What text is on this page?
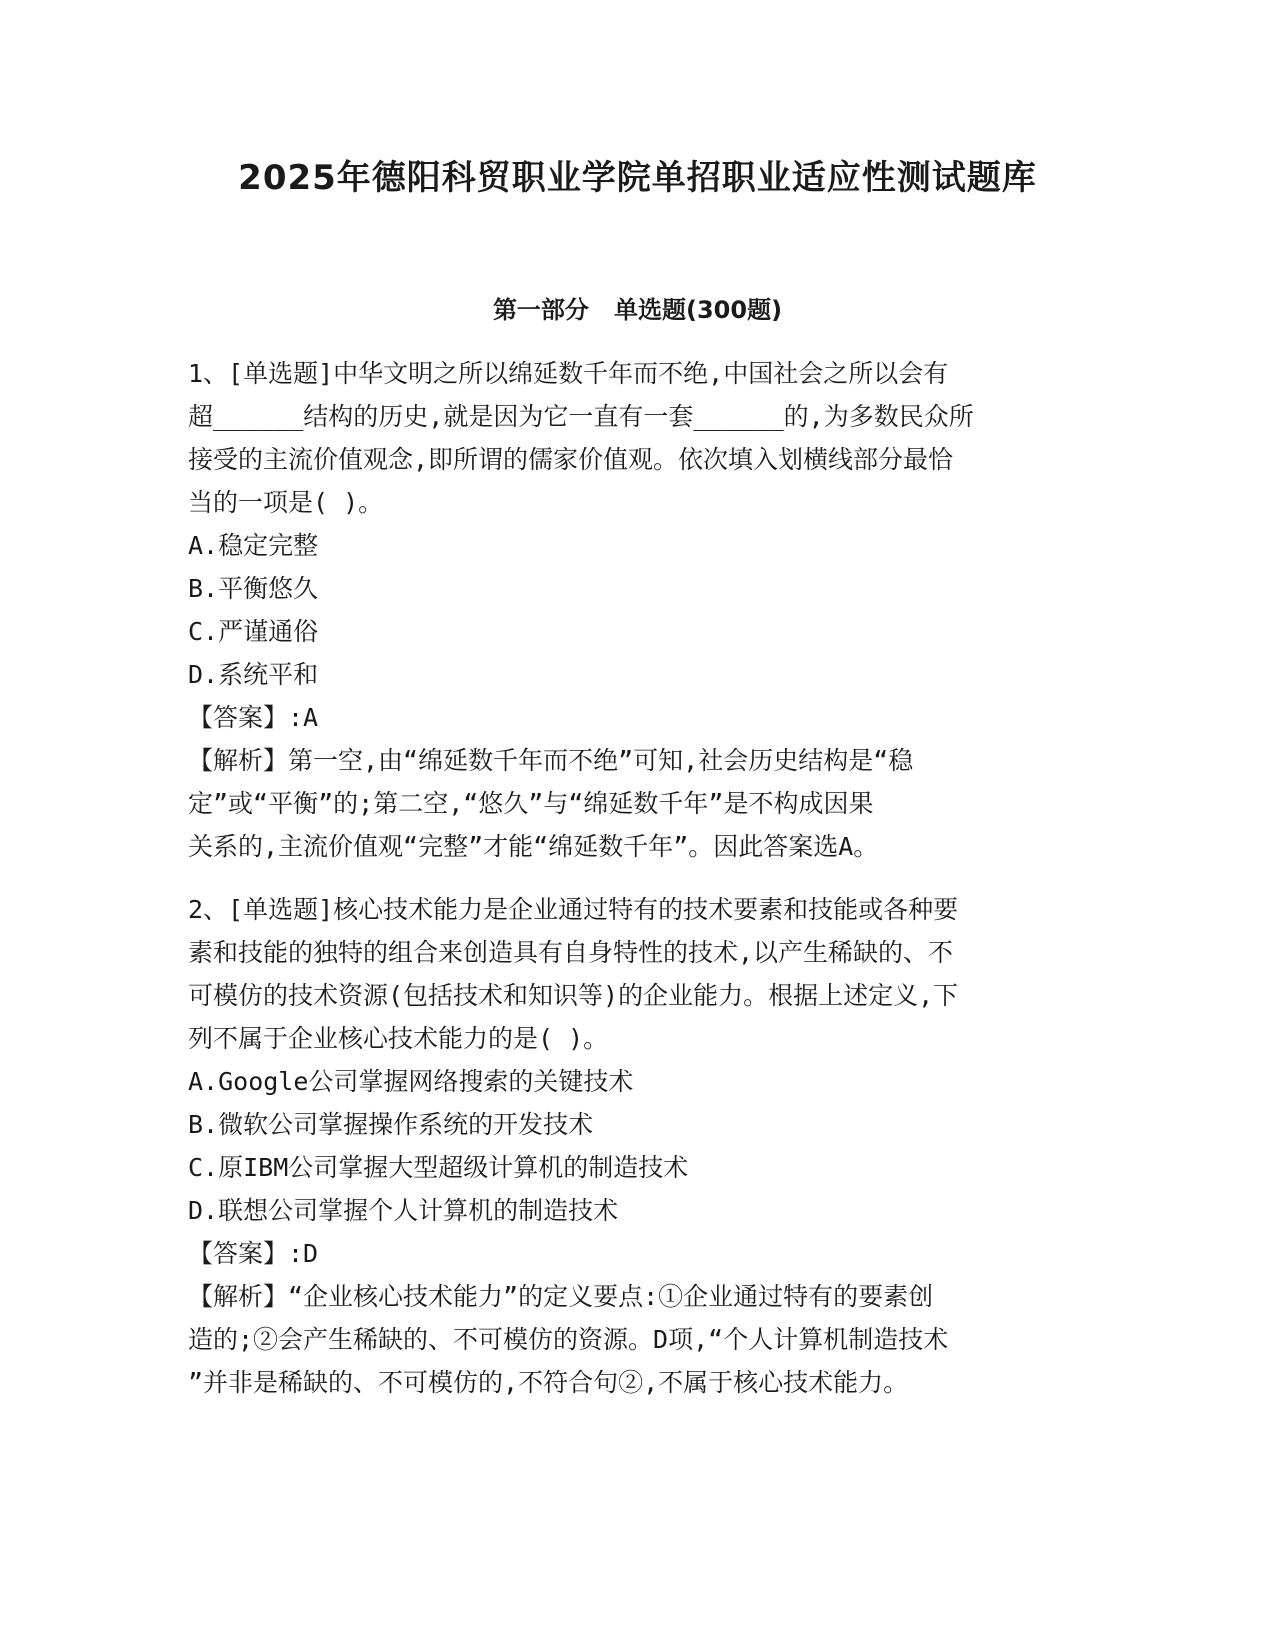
2025年德阳科贸职业学院单招职业适应性测试题库
第一部分   单选题(300题)
1、[单选题]中华文明之所以绵延数千年而不绝,中国社会之所以会有
超______结构的历史,就是因为它一直有一套______的,为多数民众所
接受的主流价值观念,即所谓的儒家价值观。依次填入划横线部分最恰
当的一项是( )。
A.稳定完整
B.平衡悠久
C.严谨通俗
D.系统平和
【答案】:A
【解析】第一空,由“绵延数千年而不绝”可知,社会历史结构是“稳
定”或“平衡”的;第二空,“悠久”与“绵延数千年”是不构成因果
关系的,主流价值观“完整”才能“绵延数千年”。因此答案选A。
2、[单选题]核心技术能力是企业通过特有的技术要素和技能或各种要
素和技能的独特的组合来创造具有自身特性的技术,以产生稀缺的、不
可模仿的技术资源(包括技术和知识等)的企业能力。根据上述定义,下
列不属于企业核心技术能力的是( )。
A.Google公司掌握网络搜索的关键技术
B.微软公司掌握操作系统的开发技术
C.原IBM公司掌握大型超级计算机的制造技术
D.联想公司掌握个人计算机的制造技术
【答案】:D
【解析】“企业核心技术能力”的定义要点:①企业通过特有的要素创
造的;②会产生稀缺的、不可模仿的资源。D项,“个人计算机制造技术
”并非是稀缺的、不可模仿的,不符合句②,不属于核心技术能力。
